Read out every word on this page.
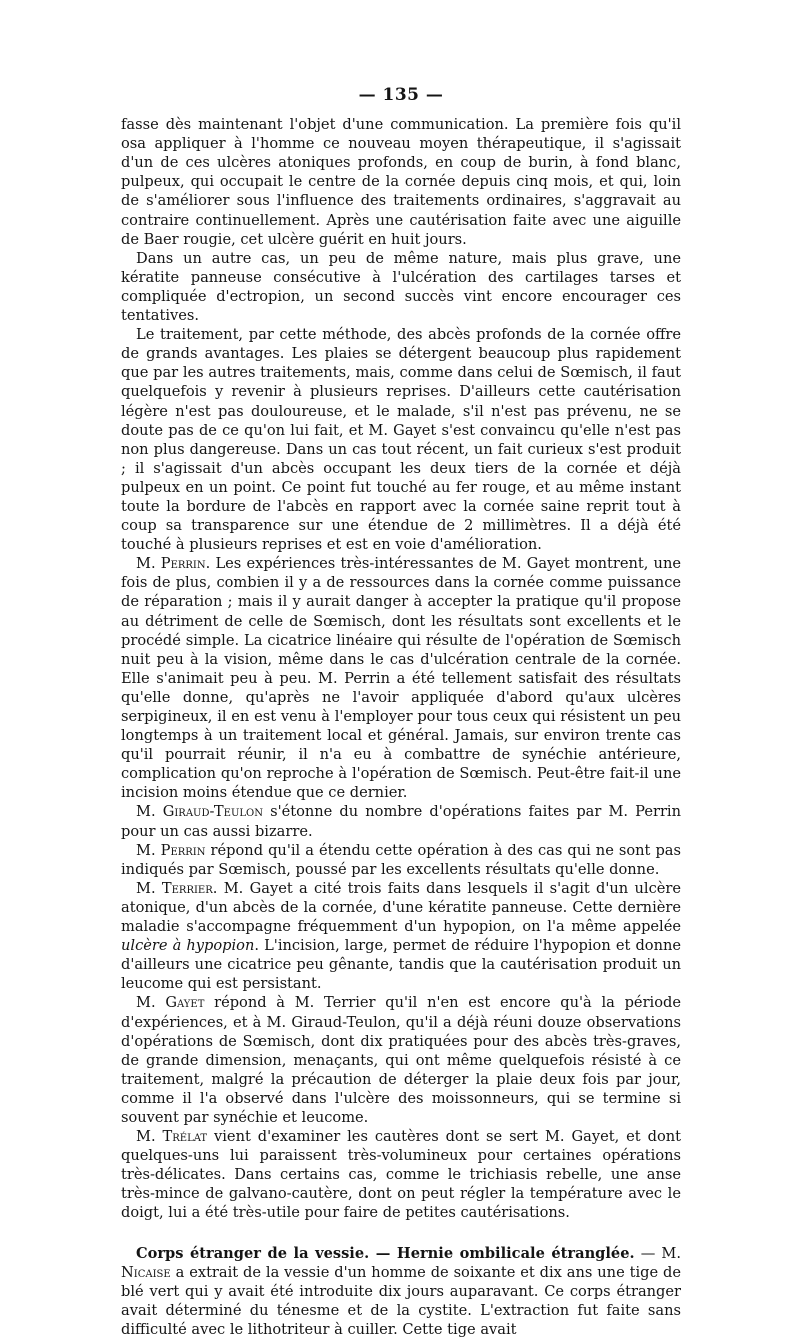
— 135 —

fasse dès maintenant l'objet d'une communication. La première fois qu'il osa appliquer à l'homme ce nouveau moyen thérapeutique, il s'agissait d'un de ces ulcères atoniques profonds, en coup de burin, à fond blanc, pulpeux, qui occupait le centre de la cornée depuis cinq mois, et qui, loin de s'améliorer sous l'influence des traitements ordinaires, s'aggravait au contraire continuellement. Après une cautérisation faite avec une aiguille de Baer rougie, cet ulcère guérit en huit jours.

Dans un autre cas, un peu de même nature, mais plus grave, une kératite panneuse consécutive à l'ulcération des cartilages tarses et compliquée d'ectropion, un second succès vint encore encourager ces tentatives.

Le traitement, par cette méthode, des abcès profonds de la cornée offre de grands avantages. Les plaies se détergent beaucoup plus rapidement que par les autres traitements, mais, comme dans celui de Sœmisch, il faut quelquefois y revenir à plusieurs reprises. D'ailleurs cette cautérisation légère n'est pas douloureuse, et le malade, s'il n'est pas prévenu, ne se doute pas de ce qu'on lui fait, et M. Gayet s'est convaincu qu'elle n'est pas non plus dangereuse. Dans un cas tout récent, un fait curieux s'est produit ; il s'agissait d'un abcès occupant les deux tiers de la cornée et déjà pulpeux en un point. Ce point fut touché au fer rouge, et au même instant toute la bordure de l'abcès en rapport avec la cornée saine reprit tout à coup sa transparence sur une étendue de 2 millimètres. Il a déjà été touché à plusieurs reprises et est en voie d'amélioration.

M. Perrin. Les expériences très-intéressantes de M. Gayet montrent, une fois de plus, combien il y a de ressources dans la cornée comme puissance de réparation ; mais il y aurait danger à accepter la pratique qu'il propose au détriment de celle de Sœmisch, dont les résultats sont excellents et le procédé simple. La cicatrice linéaire qui résulte de l'opération de Sœmisch nuit peu à la vision, même dans le cas d'ulcération centrale de la cornée. Elle s'animait peu à peu. M. Perrin a été tellement satisfait des résultats qu'elle donne, qu'après ne l'avoir appliquée d'abord qu'aux ulcères serpigineux, il en est venu à l'employer pour tous ceux qui résistent un peu longtemps à un traitement local et général. Jamais, sur environ trente cas qu'il pourrait réunir, il n'a eu à combattre de synéchie antérieure, complication qu'on reproche à l'opération de Sœmisch. Peut-être fait-il une incision moins étendue que ce dernier.

M. Giraud-Teulon s'étonne du nombre d'opérations faites par M. Perrin pour un cas aussi bizarre.

M. Perrin répond qu'il a étendu cette opération à des cas qui ne sont pas indiqués par Sœmisch, poussé par les excellents résultats qu'elle donne.

M. Terrier. M. Gayet a cité trois faits dans lesquels il s'agit d'un ulcère atonique, d'un abcès de la cornée, d'une kératite panneuse. Cette dernière maladie s'accompagne fréquemment d'un hypopion, on l'a même appelée ulcère à hypopion. L'incision, large, permet de réduire l'hypopion et donne d'ailleurs une cicatrice peu gênante, tandis que la cautérisation produit un leucome qui est persistant.

M. Gayet répond à M. Terrier qu'il n'en est encore qu'à la période d'expériences, et à M. Giraud-Teulon, qu'il a déjà réuni douze observations d'opérations de Sœmisch, dont dix pratiquées pour des abcès très-graves, de grande dimension, menaçants, qui ont même quelquefois résisté à ce traitement, malgré la précaution de déterger la plaie deux fois par jour, comme il l'a observé dans l'ulcère des moissonneurs, qui se termine si souvent par synéchie et leucome.

M. Trélat vient d'examiner les cautères dont se sert M. Gayet, et dont quelques-uns lui paraissent très-volumineux pour certaines opérations très-délicates. Dans certains cas, comme le trichiasis rebelle, une anse très-mince de galvano-cautère, dont on peut régler la température avec le doigt, lui a été très-utile pour faire de petites cautérisations.

Corps étranger de la vessie. — Hernie ombilicale étranglée. — M. Nicaise a extrait de la vessie d'un homme de soixante et dix ans une tige de blé vert qui y avait été introduite dix jours auparavant. Ce corps étranger avait déterminé du ténesme et de la cystite. L'extraction fut faite sans difficulté avec le lithotriteur à cuiller. Cette tige avait
